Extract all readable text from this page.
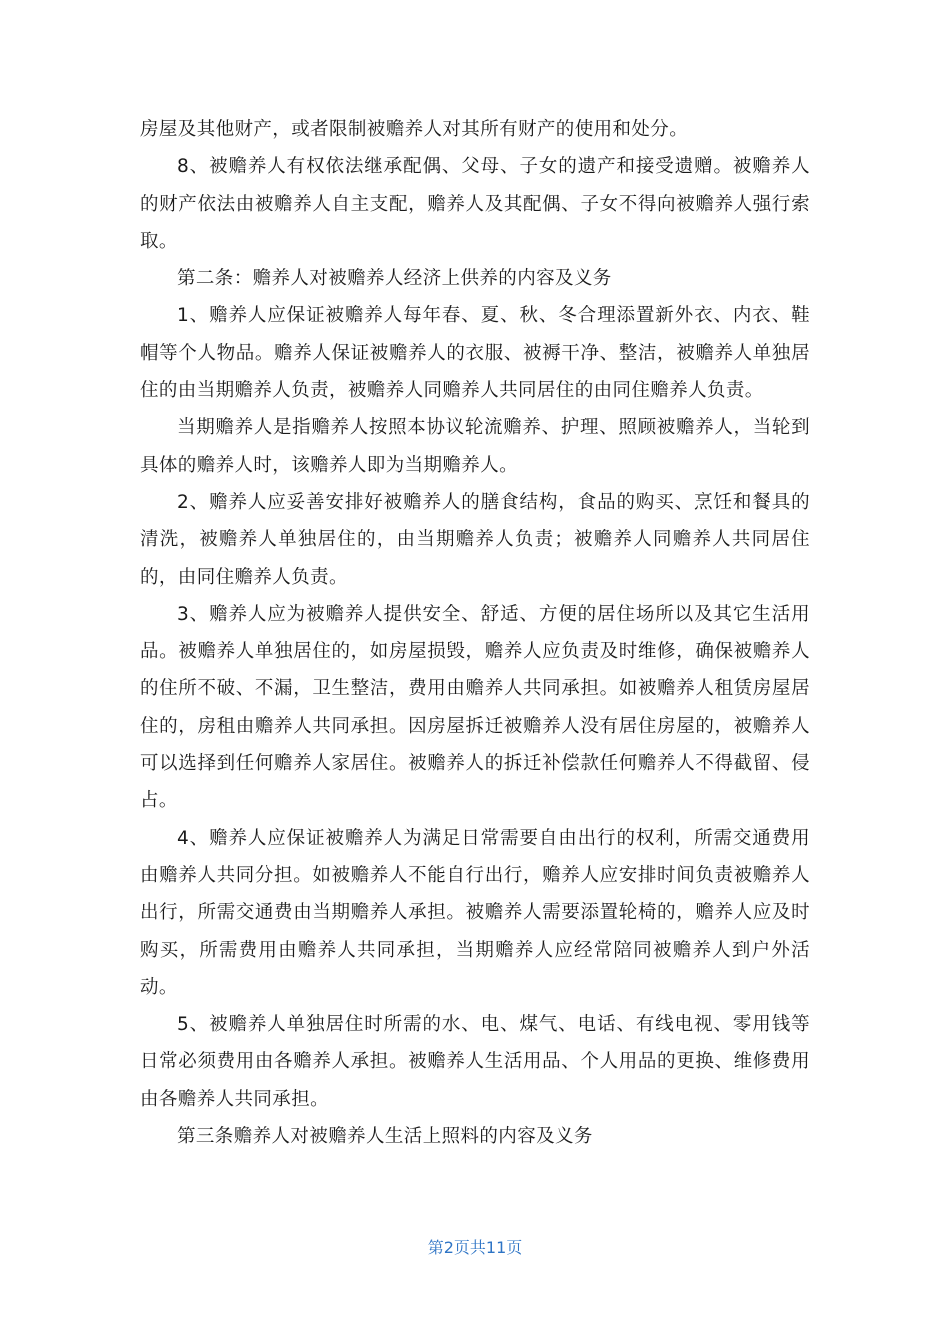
房屋及其他财产，或者限制被赡养人对其所有财产的使用和处分。

8、被赡养人有权依法继承配偶、父母、子女的遗产和接受遗赠。被赡养人的财产依法由被赡养人自主支配，赡养人及其配偶、子女不得向被赡养人强行索取。

第二条：赡养人对被赡养人经济上供养的内容及义务

1、赡养人应保证被赡养人每年春、夏、秋、冬合理添置新外衣、内衣、鞋帽等个人物品。赡养人保证被赡养人的衣服、被褥干净、整洁，被赡养人单独居住的由当期赡养人负责，被赡养人同赡养人共同居住的由同住赡养人负责。

当期赡养人是指赡养人按照本协议轮流赡养、护理、照顾被赡养人，当轮到具体的赡养人时，该赡养人即为当期赡养人。

2、赡养人应妥善安排好被赡养人的膳食结构，食品的购买、烹饪和餐具的清洗，被赡养人单独居住的，由当期赡养人负责；被赡养人同赡养人共同居住的，由同住赡养人负责。

3、赡养人应为被赡养人提供安全、舒适、方便的居住场所以及其它生活用品。被赡养人单独居住的，如房屋损毁，赡养人应负责及时维修，确保被赡养人的住所不破、不漏，卫生整洁，费用由赡养人共同承担。如被赡养人租赁房屋居住的，房租由赡养人共同承担。因房屋拆迁被赡养人没有居住房屋的，被赡养人可以选择到任何赡养人家居住。被赡养人的拆迁补偿款任何赡养人不得截留、侵占。

4、赡养人应保证被赡养人为满足日常需要自由出行的权利，所需交通费用由赡养人共同分担。如被赡养人不能自行出行，赡养人应安排时间负责被赡养人出行，所需交通费由当期赡养人承担。被赡养人需要添置轮椅的，赡养人应及时购买，所需费用由赡养人共同承担，当期赡养人应经常陪同被赡养人到户外活动。

5、被赡养人单独居住时所需的水、电、煤气、电话、有线电视、零用钱等日常必须费用由各赡养人承担。被赡养人生活用品、个人用品的更换、维修费用由各赡养人共同承担。

第三条赡养人对被赡养人生活上照料的内容及义务

第2页共11页
